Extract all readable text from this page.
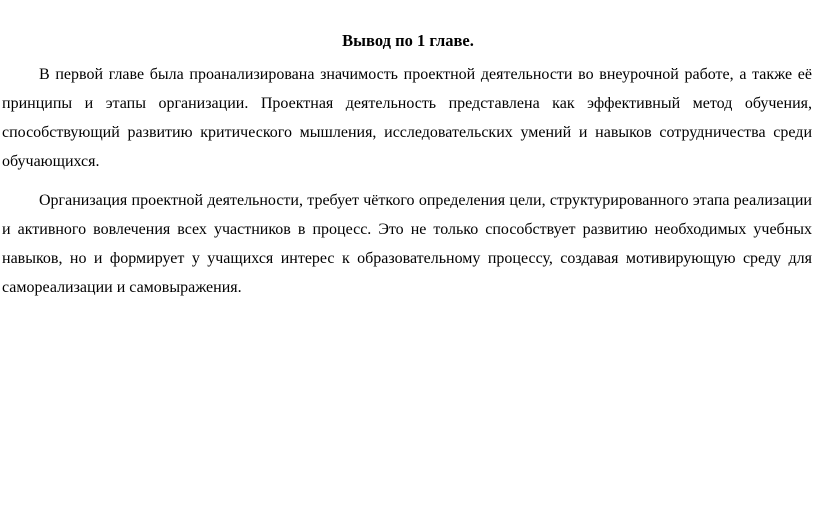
Вывод по 1 главе.

В первой главе была проанализирована значимость проектной деятельности во внеурочной работе, а также её принципы и этапы организации. Проектная деятельность представлена как эффективный метод обучения, способствующий развитию критического мышления, исследовательских умений и навыков сотрудничества среди обучающихся.

Организация проектной деятельности, требует чёткого определения цели, структурированного этапа реализации и активного вовлечения всех участников в процесс. Это не только способствует развитию необходимых учебных навыков, но и формирует у учащихся интерес к образовательному процессу, создавая мотивирующую среду для самореализации и самовыражения.
